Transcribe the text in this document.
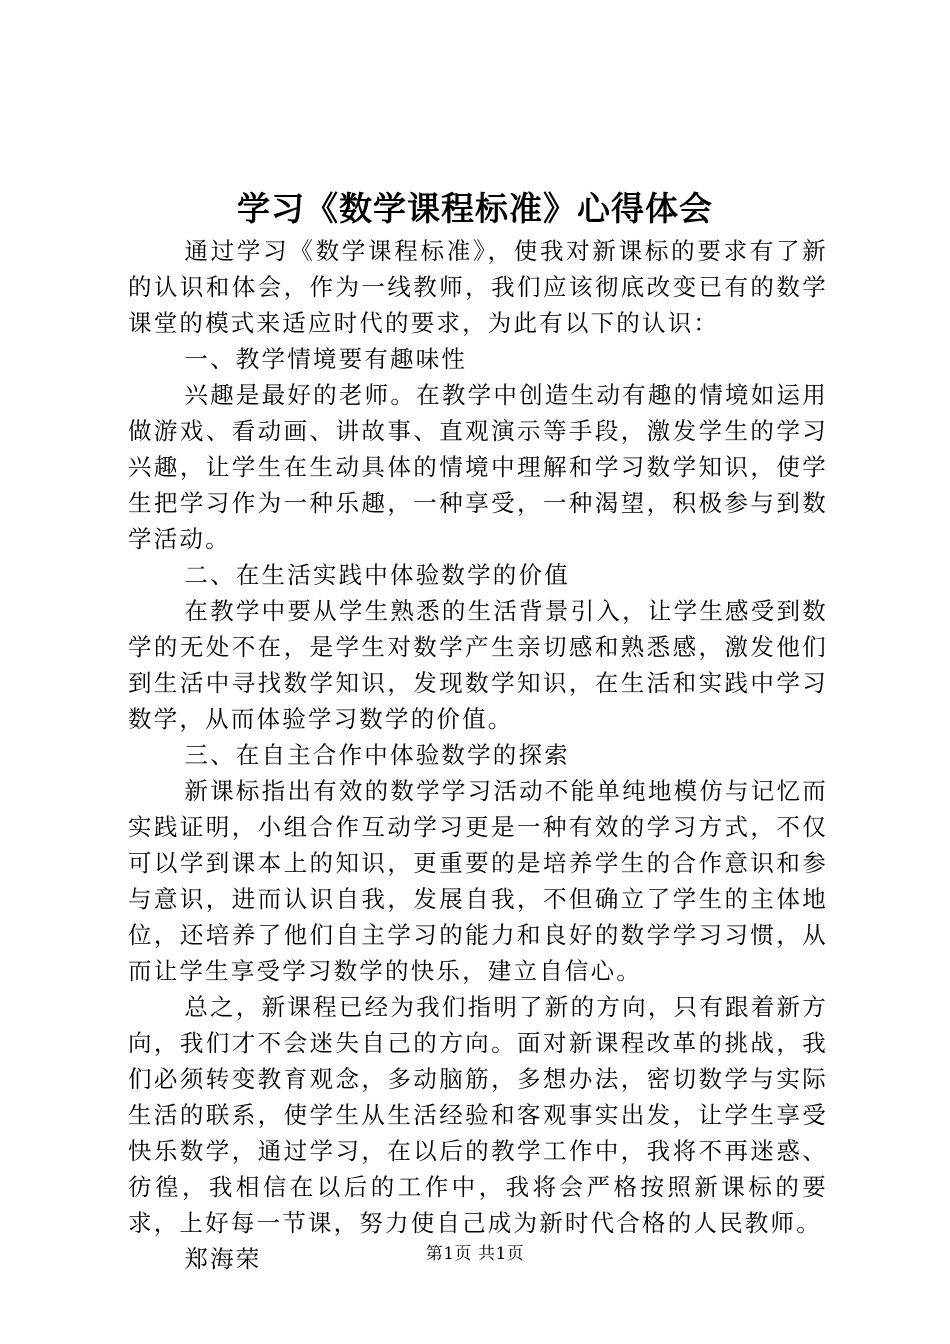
学习《数学课程标准》心得体会

通过学习《数学课程标准》，使我对新课标的要求有了新的认识和体会，作为一线教师，我们应该彻底改变已有的数学课堂的模式来适应时代的要求，为此有以下的认识：

一、教学情境要有趣味性

兴趣是最好的老师。在教学中创造生动有趣的情境如运用做游戏、看动画、讲故事、直观演示等手段，激发学生的学习兴趣，让学生在生动具体的情境中理解和学习数学知识，使学生把学习作为一种乐趣，一种享受，一种渴望，积极参与到数学活动。

二、在生活实践中体验数学的价值

在教学中要从学生熟悉的生活背景引入，让学生感受到数学的无处不在，是学生对数学产生亲切感和熟悉感，激发他们到生活中寻找数学知识，发现数学知识，在生活和实践中学习数学，从而体验学习数学的价值。

三、在自主合作中体验数学的探索

新课标指出有效的数学学习活动不能单纯地模仿与记忆而实践证明，小组合作互动学习更是一种有效的学习方式，不仅可以学到课本上的知识，更重要的是培养学生的合作意识和参与意识，进而认识自我，发展自我，不但确立了学生的主体地位，还培养了他们自主学习的能力和良好的数学学习习惯，从而让学生享受学习数学的快乐，建立自信心。

总之，新课程已经为我们指明了新的方向，只有跟着新方向，我们才不会迷失自己的方向。面对新课程改革的挑战，我们必须转变教育观念，多动脑筋，多想办法，密切数学与实际生活的联系，使学生从生活经验和客观事实出发，让学生享受快乐数学，通过学习，在以后的教学工作中，我将不再迷惑、彷徨，我相信在以后的工作中，我将会严格按照新课标的要求，上好每一节课，努力使自己成为新时代合格的人民教师。

郑海荣	第1页 共1页
